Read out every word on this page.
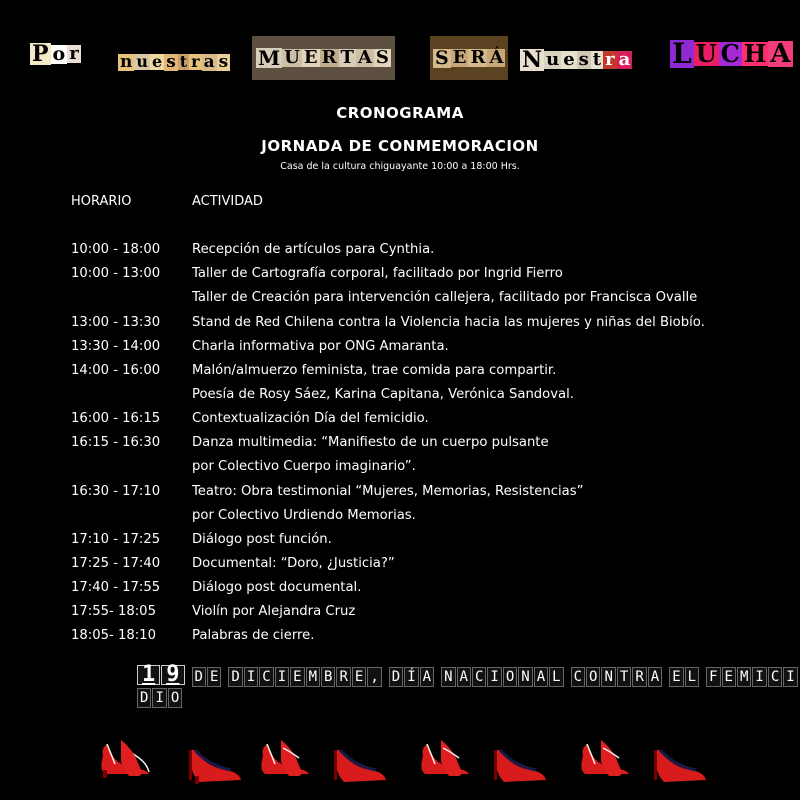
P o r n u e s t r a s M U E R T A S S E R Á N u e s t r a L U C H A
CRONOGRAMA
JORNADA DE CONMEMORACION
Casa de la cultura chiguayante 10:00 a 18:00 Hrs.
HORARIO	ACTIVIDAD
10:00 - 18:00 Recepción de artículos para Cynthia.
10:00 - 13:00 Taller de Cartografía corporal, facilitado por Ingrid Fierro
Taller de Creación para intervención callejera, facilitado por Francisca Ovalle
13:00 - 13:30 Stand de Red Chilena contra la Violencia hacia las mujeres y niñas del Biobío.
13:30 - 14:00 Charla informativa por ONG Amaranta.
14:00 - 16:00 Malón/almuerzo feminista, trae comida para compartir.
Poesía de Rosy Sáez, Karina Capitana, Verónica Sandoval.
16:00 - 16:15 Contextualización Día del femicidio.
16:15 - 16:30 Danza multimedia: “Manifiesto de un cuerpo pulsante
por Colectivo Cuerpo imaginario”.
16:30 - 17:10 Teatro: Obra testimonial “Mujeres, Memorias, Resistencias”
por Colectivo Urdiendo Memorias.
17:10 - 17:25 Diálogo post función.
17:25 - 17:40 Documental: “Doro, ¿Justicia?”
17:40 - 17:55 Diálogo post documental.
17:55- 18:05	Violín por Alejandra Cruz
18:05- 18:10	Palabras de cierre.
1 9 D E D I C I E M B R E , D Í A N A C I O N A L C O N T R A E L F E M I C ID I O
